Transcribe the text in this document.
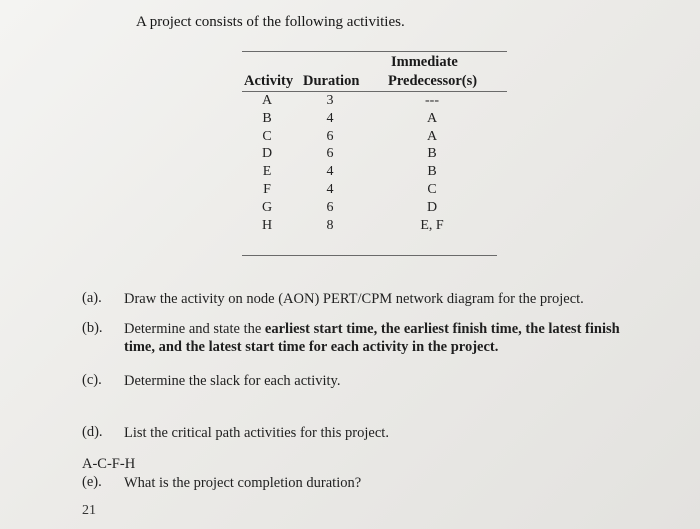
A project consists of the following activities.
Immediate
Activity Duration Predecessor(s)
A	3	---
B	4	A
C	6	A
D	6	B
E	4	B
F	4	C
G	6	D
H	8	E, F
(a). Draw the activity on node (AON) PERT/CPM network diagram for the project.
(b). Determine and state the earliest start time, the earliest finish time, the latest finish
time, and the latest start time for each activity in the project.
(c). Determine the slack for each activity.
(d). List the critical path activities for this project.
A-C-F-H
(e). What is the project completion duration?
21
